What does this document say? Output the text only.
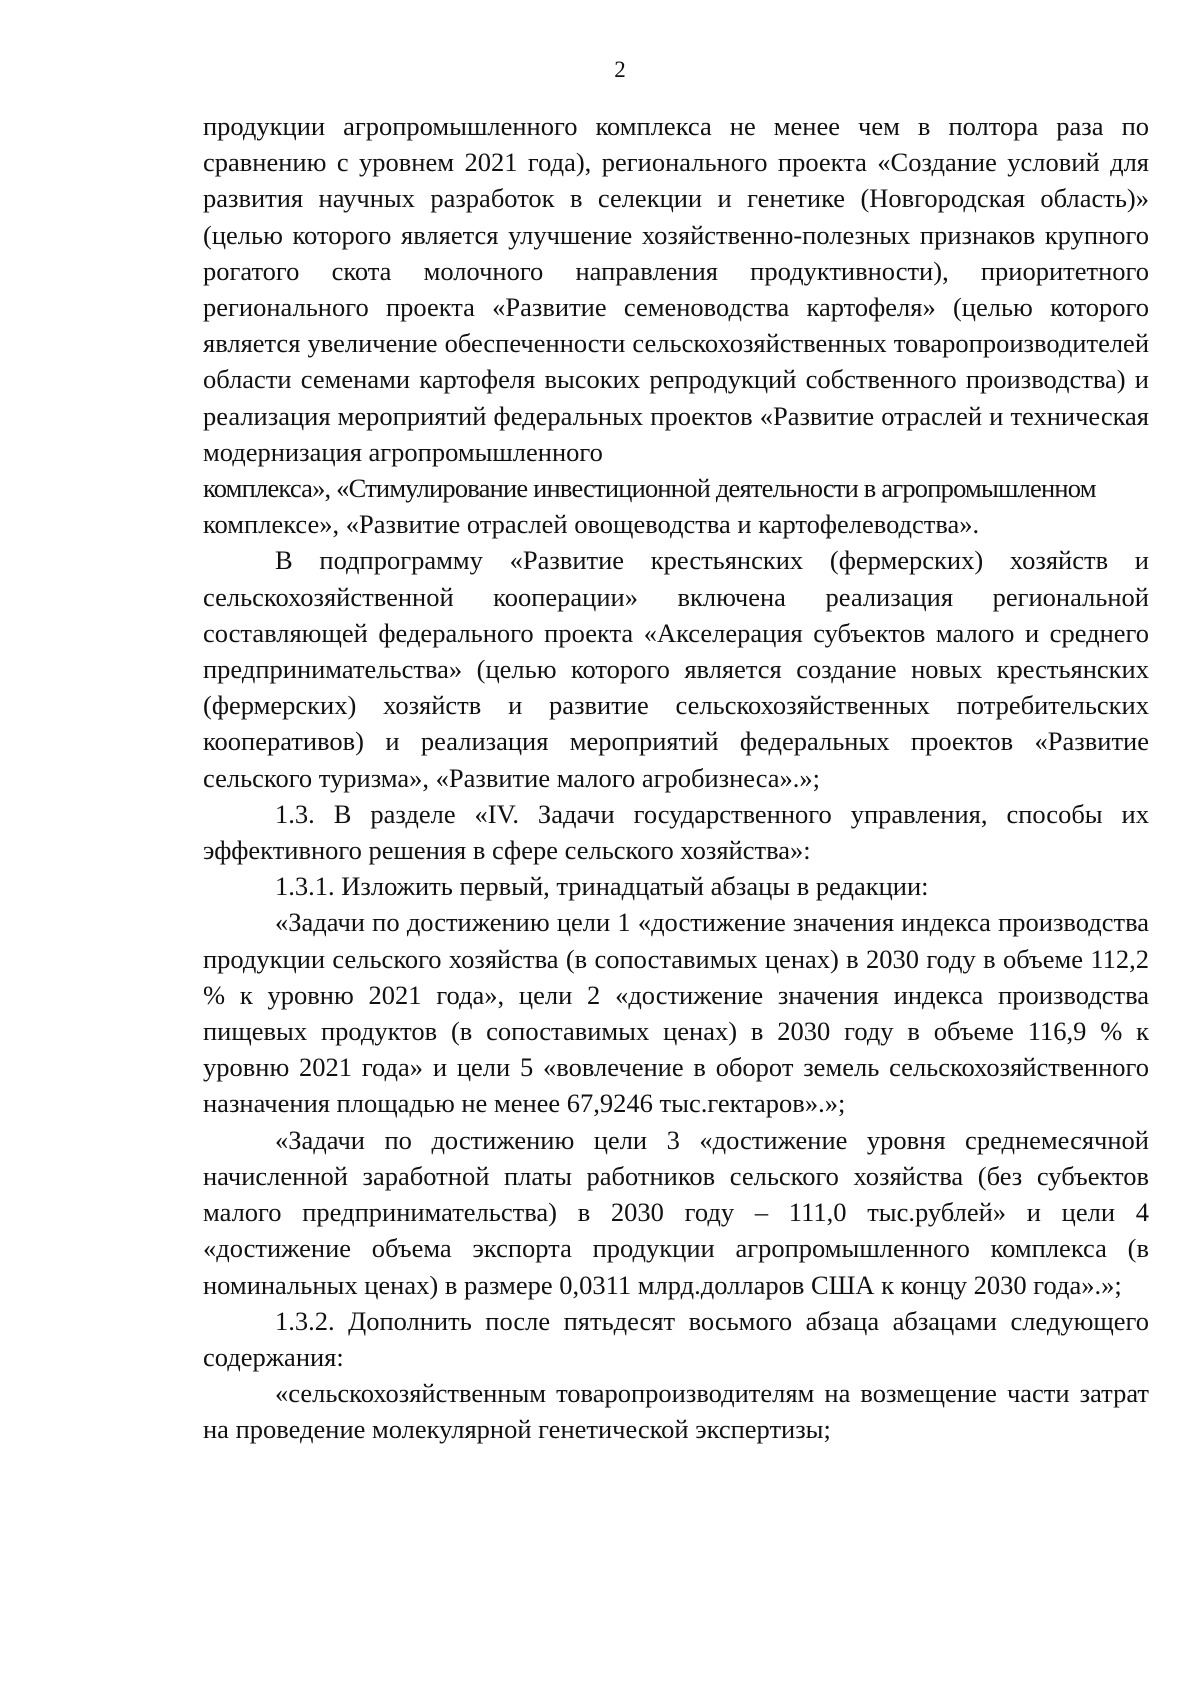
2

продукции агропромышленного комплекса не менее чем в полтора раза по сравнению с уровнем 2021 года), регионального проекта «Создание условий для развития научных разработок в селекции и генетике (Новгородская область)» (целью которого является улучшение хозяйственно-полезных признаков крупного рогатого скота молочного направления продуктивности), приоритетного регионального проекта «Развитие семеноводства картофеля» (целью которого является увеличение обеспеченности сельскохозяйственных товаропроизводителей области семенами картофеля высоких репродукций собственного производства) и реализация мероприятий федеральных проектов «Развитие отраслей и техническая модернизация агропромышленного

комплекса», «Стимулирование инвестиционной деятельности в агропромышленном

комплексе», «Развитие отраслей овощеводства и картофелеводства».

В подпрограмму «Развитие крестьянских (фермерских) хозяйств и сельскохозяйственной кооперации» включена реализация региональной составляющей федерального проекта «Акселерация субъектов малого и среднего предпринимательства» (целью которого является создание новых крестьянских (фермерских) хозяйств и развитие сельскохозяйственных потребительских кооперативов) и реализация мероприятий федеральных проектов «Развитие сельского туризма», «Развитие малого агробизнеса».»;

1.3. В разделе «IV. Задачи государственного управления, способы их эффективного решения в сфере сельского хозяйства»:

1.3.1. Изложить первый, тринадцатый абзацы в редакции:

«Задачи по достижению цели 1 «достижение значения индекса производства продукции сельского хозяйства (в сопоставимых ценах) в 2030 году в объеме 112,2 % к уровню 2021 года», цели 2 «достижение значения индекса производства пищевых продуктов (в сопоставимых ценах) в 2030 году в объеме 116,9 % к уровню 2021 года» и цели 5 «вовлечение в оборот земель сельскохозяйственного назначения площадью не менее 67,9246 тыс.гектаров».»;

«Задачи по достижению цели 3 «достижение уровня среднемесячной начисленной заработной платы работников сельского хозяйства (без субъектов малого предпринимательства) в 2030 году – 111,0 тыс.рублей» и цели 4 «достижение объема экспорта продукции агропромышленного комплекса (в номинальных ценах) в размере 0,0311 млрд.долларов США к концу 2030 года».»;

1.3.2. Дополнить после пятьдесят восьмого абзаца абзацами следующего содержания:

«сельскохозяйственным товаропроизводителям на возмещение части затрат на проведение молекулярной генетической экспертизы;
